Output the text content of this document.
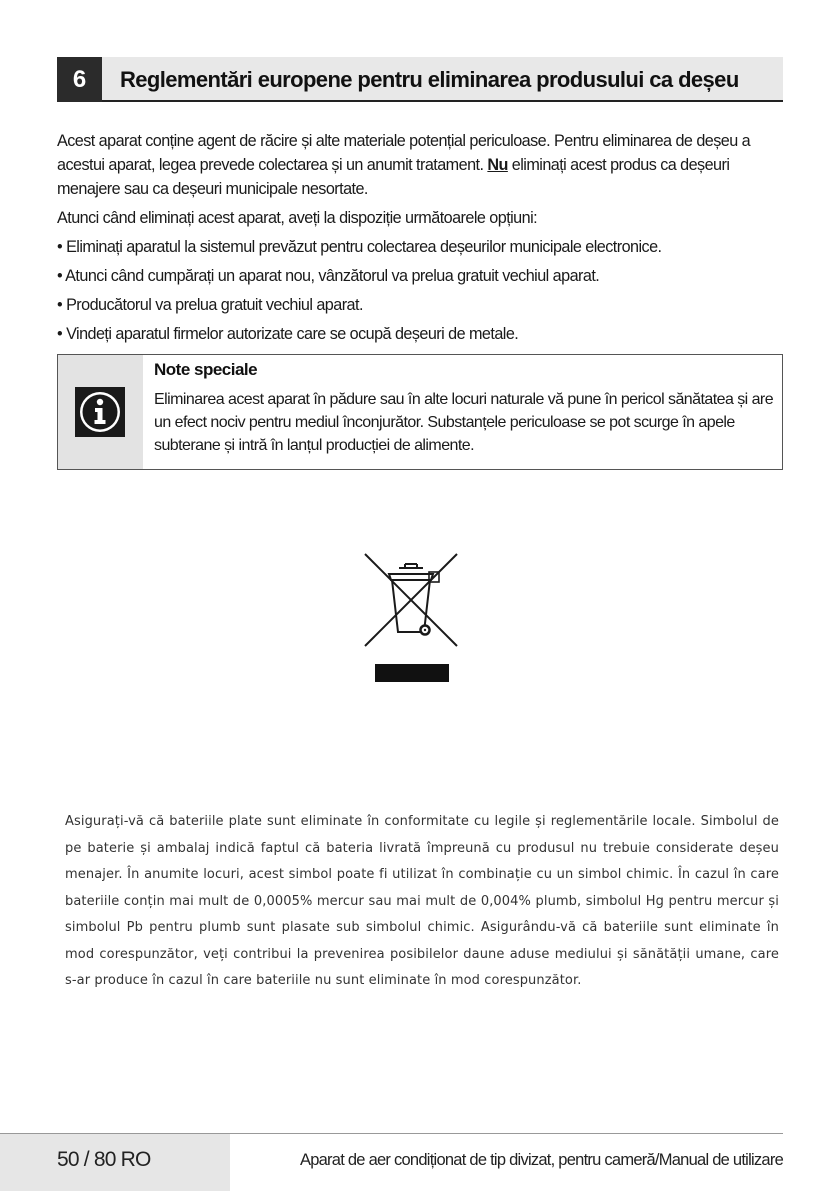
6	Reglementări europene pentru eliminarea produsului ca deșeu

Acest aparat conține agent de răcire și alte materiale potențial periculoase. Pentru eliminarea de deșeu a acestui aparat, legea prevede colectarea și un anumit tratament. Nu eliminați acest produs ca deșeuri menajere sau ca deșeuri municipale nesortate.

Atunci când eliminați acest aparat, aveți la dispoziție următoarele opțiuni:

• Eliminați aparatul la sistemul prevăzut pentru colectarea deșeurilor municipale electronice.
• Atunci când cumpărați un aparat nou, vânzătorul va prelua gratuit vechiul aparat.
• Producătorul va prelua gratuit vechiul aparat.
• Vindeți aparatul firmelor autorizate care se ocupă deșeuri de metale.
Note speciale
Eliminarea acest aparat în pădure sau în alte locuri naturale vă pune în pericol sănătatea și are un efect nociv pentru mediul înconjurător. Substanțele periculoase se pot scurge în apele subterane și intră în lanțul producției de alimente.

Asigurați-vă că bateriile plate sunt eliminate în conformitate cu legile și reglementările locale. Simbolul de pe baterie și ambalaj indică faptul că bateria livrată împreună cu produsul nu trebuie considerate deșeu menajer. În anumite locuri, acest simbol poate fi utilizat în combinație cu un simbol chimic. În cazul în care bateriile conțin mai mult de 0,0005% mercur sau mai mult de 0,004% plumb, simbolul Hg pentru mercur și simbolul Pb pentru plumb sunt plasate sub simbolul chimic. Asigurându-vă că bateriile sunt eliminate în mod corespunzător, veți contribui la prevenirea posibilelor daune aduse mediului și sănătății umane, care s-ar produce în cazul în care bateriile nu sunt eliminate în mod corespunzător.

50 / 80 RO	Aparat de aer condiționat de tip divizat, pentru cameră/Manual de utilizare
